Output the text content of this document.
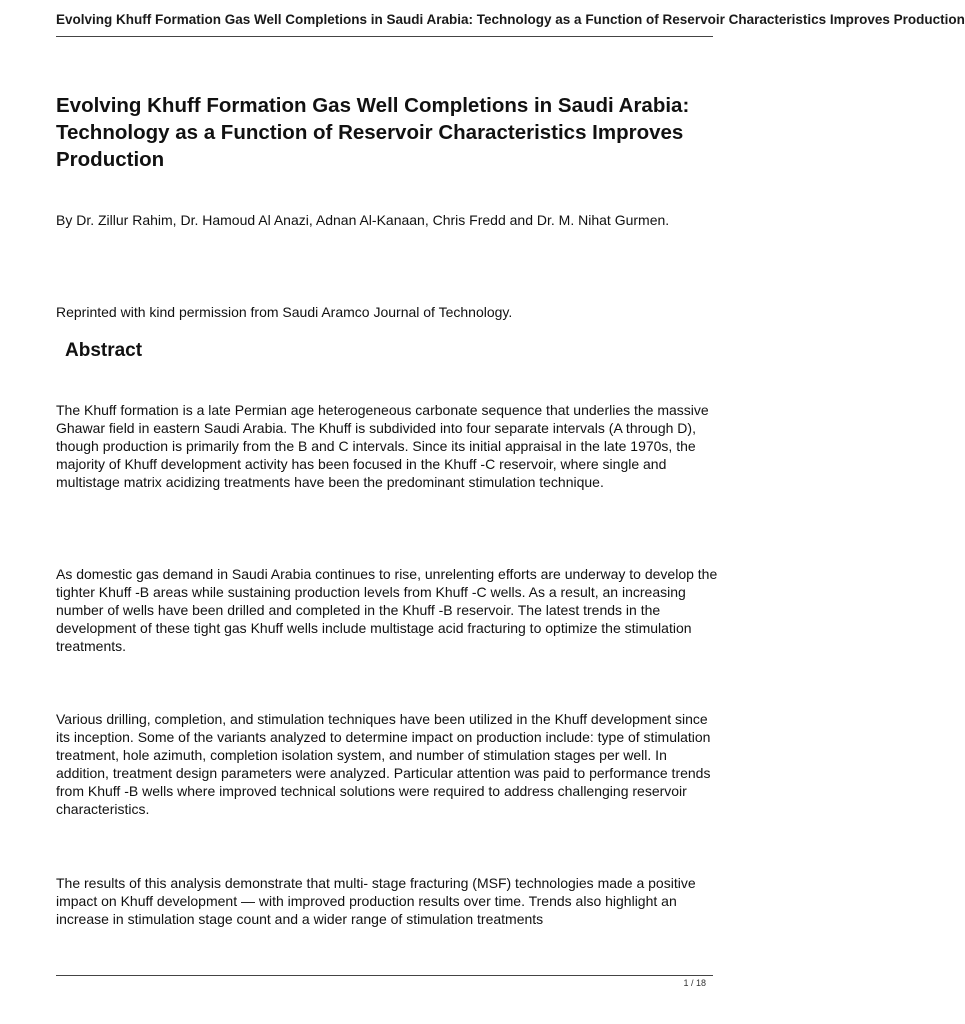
Evolving Khuff Formation Gas Well Completions in Saudi Arabia: Technology as a Function of Reservoir Characteristics Improves Production
Evolving Khuff Formation Gas Well Completions in Saudi Arabia: Technology as a Function of Reservoir Characteristics Improves Production

By Dr. Zillur Rahim, Dr. Hamoud Al Anazi, Adnan Al-Kanaan, Chris Fredd and Dr. M. Nihat Gurmen.

Reprinted with kind permission from Saudi Aramco Journal of Technology.

Abstract

The Khuff formation is a late Permian age heterogeneous carbonate sequence that underlies the massive Ghawar field in eastern Saudi Arabia. The Khuff is subdivided into four separate intervals (A through D), though production is primarily from the B and C intervals. Since its initial appraisal in the late 1970s, the majority of Khuff development activity has been focused in the Khuff -C reservoir, where single and multistage matrix acidizing treatments have been the predominant stimulation technique.

As domestic gas demand in Saudi Arabia continues to rise, unrelenting efforts are underway to develop the tighter Khuff -B areas while sustaining production levels from Khuff -C wells. As a result, an increasing number of wells have been drilled and completed in the Khuff -B reservoir. The latest trends in the development of these tight gas Khuff wells include multistage acid fracturing to optimize the stimulation treatments.

Various drilling, completion, and stimulation techniques have been utilized in the Khuff development since its inception. Some of the variants analyzed to determine impact on production include: type of stimulation treatment, hole azimuth, completion isolation system, and number of stimulation stages per well. In addition, treatment design parameters were analyzed. Particular attention was paid to performance trends from Khuff -B wells where improved technical solutions were required to address challenging reservoir characteristics.

The results of this analysis demonstrate that multi- stage fracturing (MSF) technologies made a positive impact on Khuff development — with improved production results over time. Trends also highlight an increase in stimulation stage count and a wider range of stimulation treatments

1 / 18
